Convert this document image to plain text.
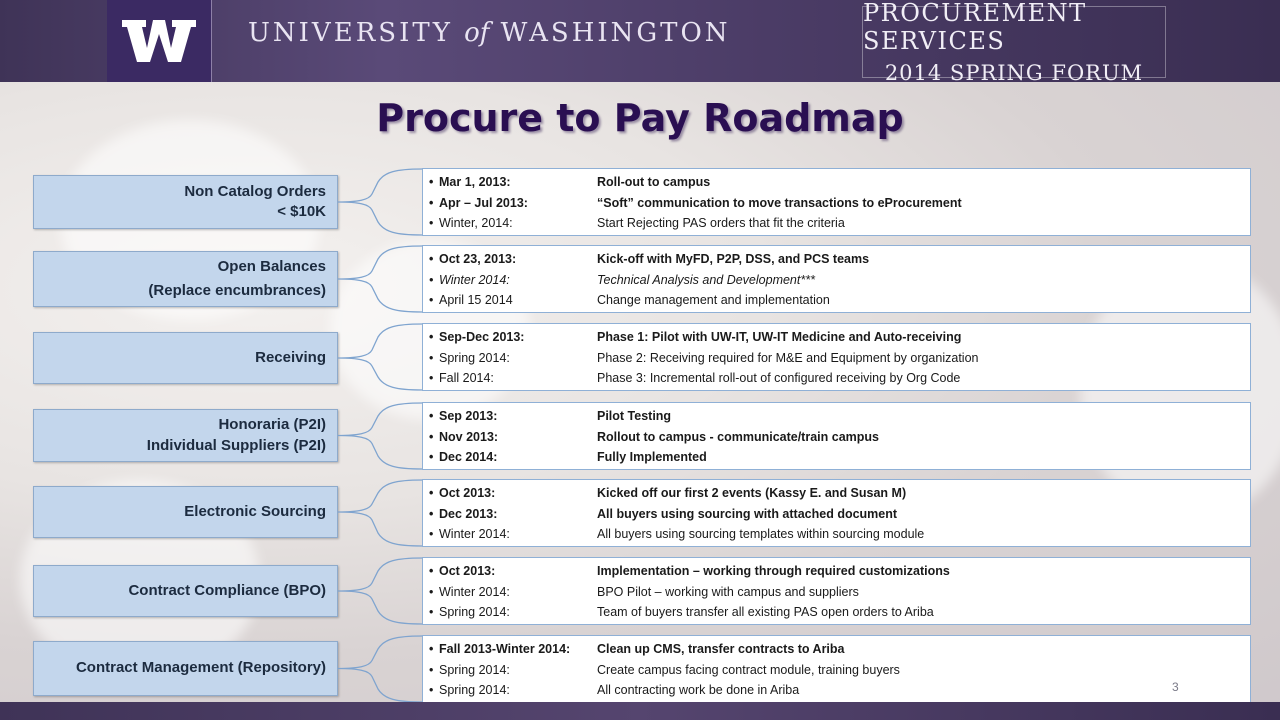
UNIVERSITY of WASHINGTON
PROCUREMENT SERVICES
2014 SPRING FORUM
Procure to Pay Roadmap
Non Catalog Orders
< $10K
• Mar 1, 2013:	Roll-out to campus
• Apr – Jul 2013:	“Soft” communication to move transactions to eProcurement
• Winter, 2014:	Start Rejecting PAS orders that fit the criteria
Open Balances
(Replace encumbrances)
• Oct 23, 2013:	Kick-off with MyFD, P2P, DSS, and PCS teams
• Winter 2014:	Technical Analysis and Development***
• April 15 2014	Change management and implementation
Receiving
• Sep-Dec 2013:	Phase 1: Pilot with UW-IT, UW-IT Medicine and Auto-receiving
• Spring 2014:	Phase 2: Receiving required for M&E and Equipment by organization
• Fall 2014:	Phase 3: Incremental roll-out of configured receiving by Org Code
Honoraria (P2I)
Individual Suppliers (P2I)
• Sep 2013:	Pilot Testing
• Nov 2013:	Rollout to campus - communicate/train campus
• Dec 2014:	Fully Implemented
Electronic Sourcing
• Oct 2013:	Kicked off our first 2 events (Kassy E. and Susan M)
• Dec 2013:	All buyers using sourcing with attached document
• Winter 2014:	All buyers using sourcing templates within sourcing module
Contract Compliance (BPO)
• Oct 2013:	Implementation – working through required customizations
• Winter 2014:	BPO Pilot – working with campus and suppliers
• Spring 2014:	Team of buyers transfer all existing PAS open orders to Ariba
Contract Management (Repository)
• Fall 2013-Winter 2014:	Clean up CMS, transfer contracts to Ariba
• Spring 2014:	Create campus facing contract module, training buyers
• Spring 2014:	All contracting work be done in Ariba	3
